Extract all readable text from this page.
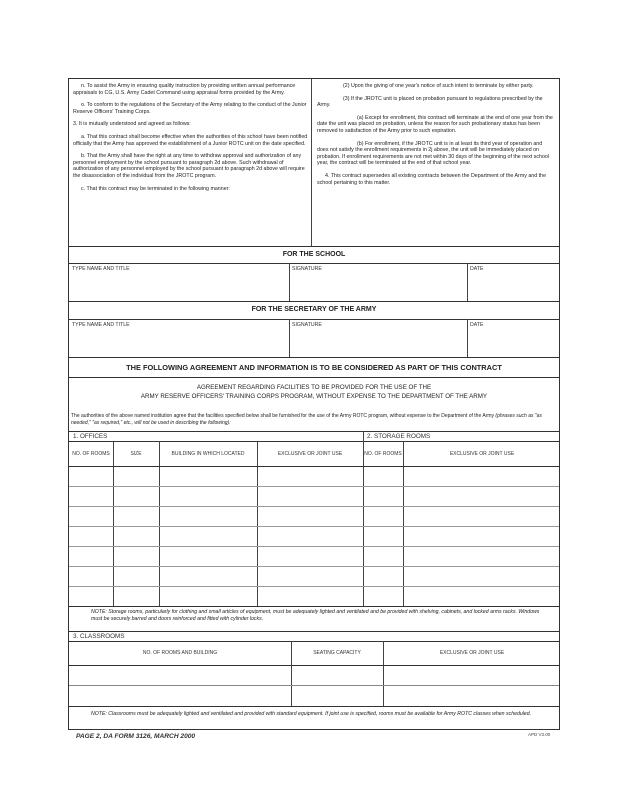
n. To assist the Army in ensuring quality instruction by providing written annual performance appraisals to CG, U.S. Army Cadet Command using appraisal forms provided by the Army.

o. To conform to the regulations of the Secretary of the Army relating to the conduct of the Junior Reserve Officers' Training Corps.

3. It is mutually understood and agreed as follows:

a. That this contract shall become effective when the authorities of this school have been notified officially that the Army has approved the establishment of a Junior ROTC unit on the date specified.

b. That the Army shall have the right at any time to withdraw approval and authorization of any personnel employment by the school pursuant to paragraph 2d above. Such withdrawal of authorization of any personnel employed by the school pursuant to paragraph 2d above will require the disassociation of the individual from the JROTC program.

c. That this contract may be terminated in the following manner:

(2) Upon the giving of one year's notice of such intent to terminate by either party.

(3) If the JROTC unit is placed on probation pursuant to regulations prescribed by the Army.

(a) Except for enrollment, this contract will terminate at the end of one year from the date the unit was placed on probation, unless the reason for such probationary status has been removed to satisfaction of the Army prior to such expiration.

(b) For enrollment, if the JROTC unit is in at least its third year of operation and does not satisfy the enrollment requirements in 2j above, the unit will be immediately placed on probation. If enrollment requirements are not met within 30 days of the beginning of the next school year, the contract will be terminated at the end of that school year.

4. This contract supersedes all existing contracts between the Department of the Army and the school pertaining to this matter.

FOR THE SCHOOL
TYPE NAME AND TITLE	SIGNATURE	DATE
FOR THE SECRETARY OF THE ARMY
TYPE NAME AND TITLE	SIGNATURE	DATE
THE FOLLOWING AGREEMENT AND INFORMATION IS TO BE CONSIDERED AS PART OF THIS CONTRACT
AGREEMENT REGARDING FACILITIES TO BE PROVIDED FOR THE USE OF THE
ARMY RESERVE OFFICERS' TRAINING CORPS PROGRAM, WITHOUT EXPENSE TO THE DEPARTMENT OF THE ARMY
The authorities of the above named institution agree that the facilities specified below shall be furnished for the use of the Army ROTC program, without expense to the Department of the Army (phrases such as "as needed," "as required," etc., will not be used in describing the following):
1. OFFICES	2. STORAGE ROOMS
NO. OF ROOMS	SIZE	BUILDING IN WHICH LOCATED	EXCLUSIVE OR JOINT USE	NO. OF ROOMS	EXCLUSIVE OR JOINT USE
NOTE: Storage rooms, particularly for clothing and small articles of equipment, must be adequately lighted and ventilated and be provided with shelving, cabinets, and locked arms racks. Windows must be securely barred and doors reinforced and fitted with cylinder locks.
3. CLASSROOMS
NO. OF ROOMS AND BUILDING	SEATING CAPACITY	EXCLUSIVE OR JOINT USE
NOTE: Classrooms must be adequately lighted and ventilated and provided with standard equipment. If joint use is specified, rooms must be available for Army ROTC classes when scheduled.
PAGE 2, DA FORM 3126, MARCH 2000	APD V3.00
